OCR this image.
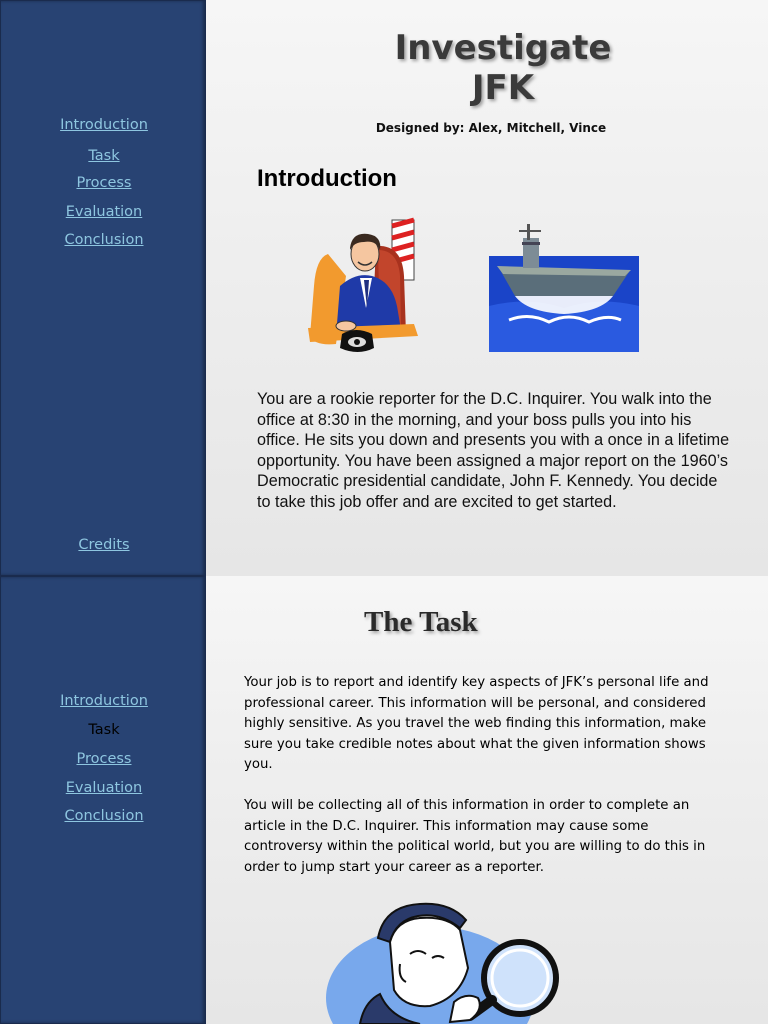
Introduction
Task
Process
Evaluation
Conclusion
Credits
Investigate JFK
Designed by: Alex, Mitchell, Vince
Introduction
You are a rookie reporter for the D.C. Inquirer. You walk into the office at 8:30 in the morning, and your boss pulls you into his office. He sits you down and presents you with a once in a lifetime opportunity. You have been assigned a major report on the 1960’s Democratic presidential candidate, John F. Kennedy. You decide to take this job offer and are excited to get started.
Introduction
Task
Process
Evaluation
Conclusion
The Task
Your job is to report and identify key aspects of JFK’s personal life and professional career. This information will be personal, and considered highly sensitive. As you travel the web finding this information, make sure you take credible notes about what the given information shows you.
You will be collecting all of this information in order to complete an article in the D.C. Inquirer. This information may cause some controversy within the political world, but you are willing to do this in order to jump start your career as a reporter.
